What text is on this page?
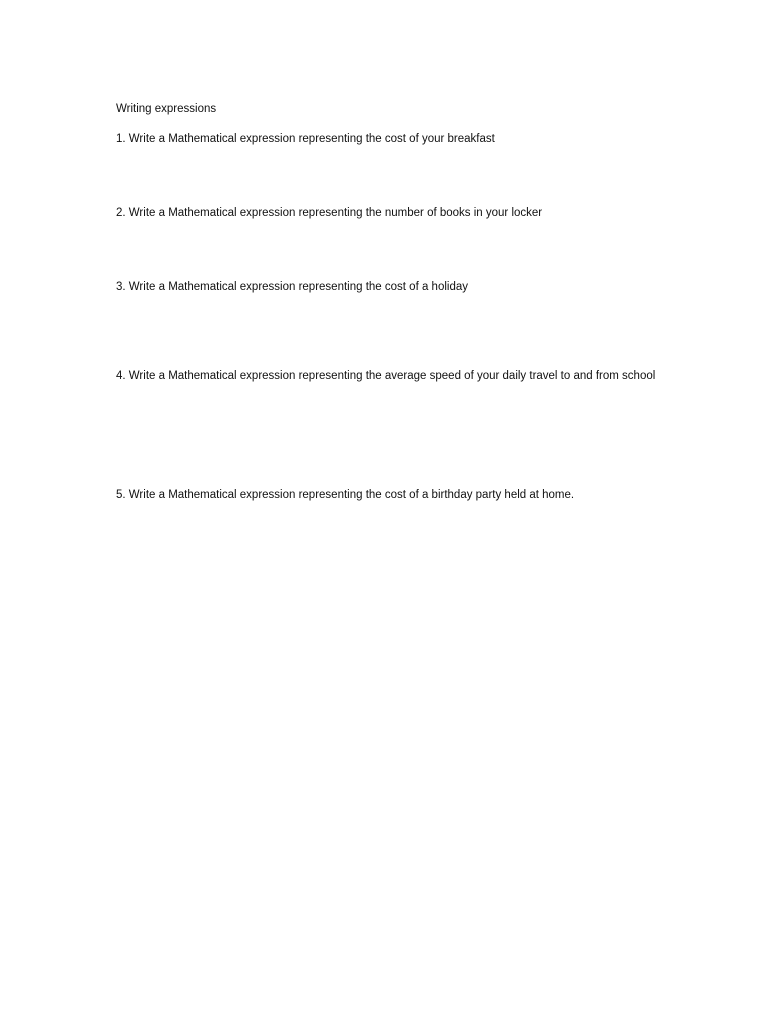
Writing expressions

1. Write a Mathematical expression representing the cost of your breakfast

2. Write a Mathematical expression representing the number of books in your locker

3. Write a Mathematical expression representing the cost of a holiday

4. Write a Mathematical expression representing the average speed of your daily travel to and from school

5. Write a Mathematical expression representing the cost of a birthday party held at home.
